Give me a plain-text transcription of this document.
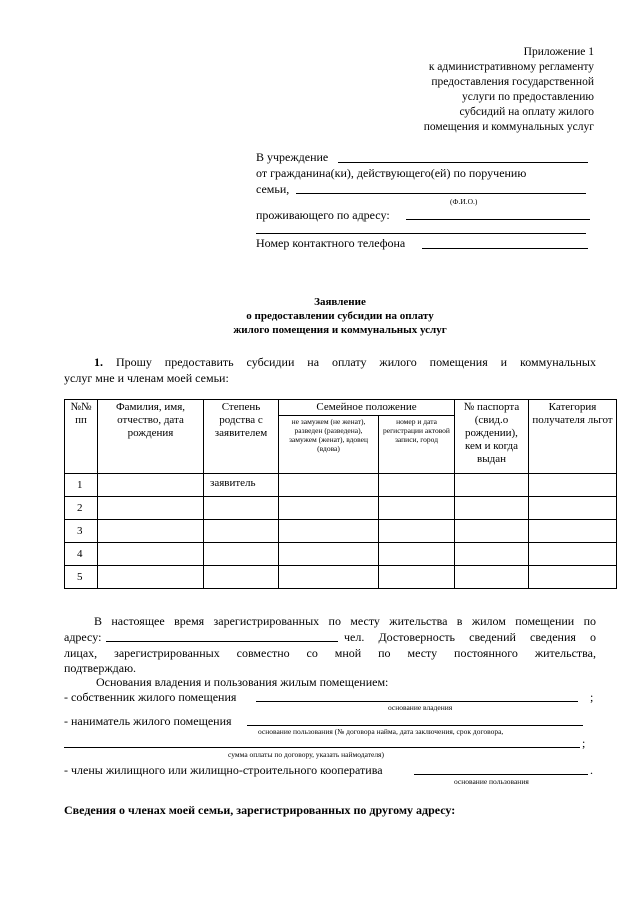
Приложение 1
к административному регламенту
предоставления государственной
услуги по предоставлению
субсидий на оплату жилого
помещения и коммунальных услуг
В учреждение
от гражданина(ки), действующего(ей) по поручению
семьи,
(Ф.И.О.)
проживающего по адресу:
Номер контактного телефона
Заявление
о предоставлении субсидии на оплату
жилого помещения и коммунальных услуг
1. Прошу предоставить субсидии на оплату жилого помещения и коммунальных
услуг мне и членам моей семьи:
№№ пп	Фамилия, имя, отчество, дата рождения	Степень родства с заявителем	Семейное положение		№ паспорта (свид.о рождении), кем и когда выдан	Категория получателя льгот
			не замужем (не женат), разведен (разведена), замужем (женат), вдовец (вдова)	номер и дата регистрации актовой записи, город		
1		заявитель				
2						
3						
4						
5						
В настоящее время зарегистрированных по месту жительства в жилом помещении по
адресу:	чел. Достоверность сведений сведения о
лицах, зарегистрированных совместно со мной по месту постоянного жительства,
подтверждаю.
Основания владения и пользования жилым помещением:
- собственник жилого помещения	;
основание владения
- наниматель жилого помещения
основание пользования (№ договора найма, дата заключения, срок договора,
;
сумма оплаты по договору, указать наймодателя)
- члены жилищного или жилищно-строительного кооператива	.
основание пользования
Сведения о членах моей семьи, зарегистрированных по другому адресу:
